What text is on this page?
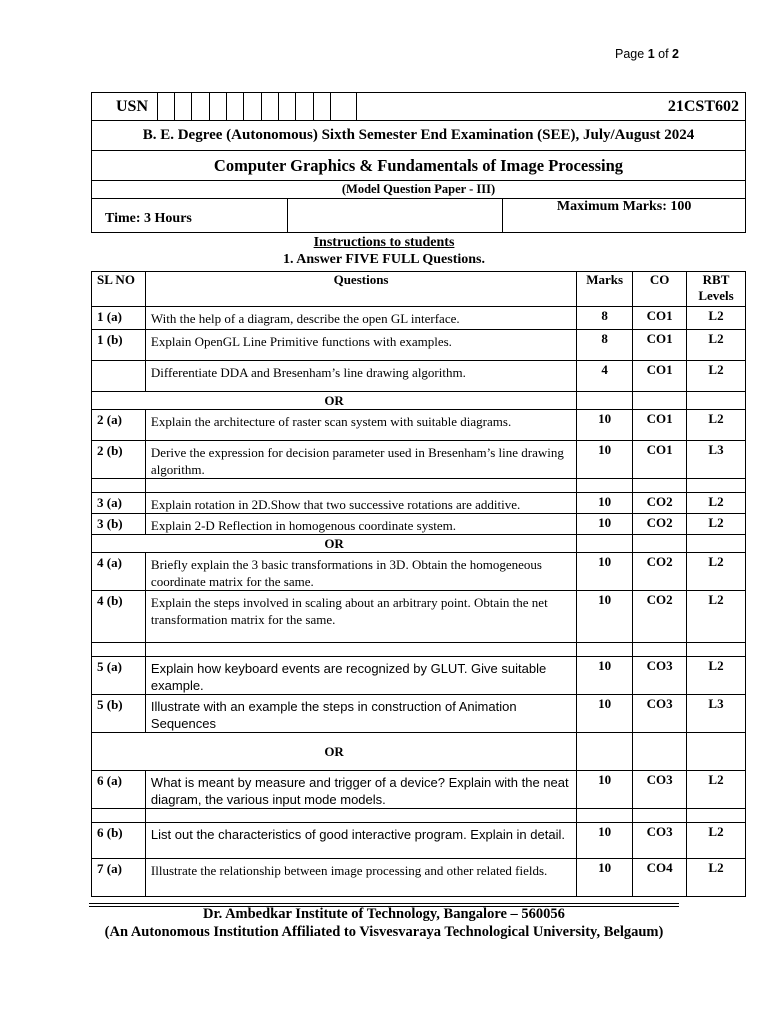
Page 1 of 2
USN												21CST602
B. E. Degree (Autonomous) Sixth Semester End Examination (SEE), July/August 2024
Computer Graphics & Fundamentals of Image Processing
(Model Question Paper - III)
Time: 3 Hours		Maximum Marks: 100
Instructions to students
1. Answer FIVE FULL Questions.
SL NO	Questions	Marks	CO	RBT Levels
1 (a)	With the help of a diagram, describe the open GL interface.	8	CO1	L2
1 (b)	Explain OpenGL Line Primitive functions with examples.	8	CO1	L2
	Differentiate DDA and Bresenham’s line drawing algorithm.	4	CO1	L2
OR				
2 (a)	Explain the architecture of raster scan system with suitable diagrams.	10	CO1	L2
2 (b)	Derive the expression for decision parameter used in Bresenham’s line drawing algorithm.	10	CO1	L3

3 (a)	Explain rotation in 2D.Show that two successive rotations are additive.	10	CO2	L2
3 (b)	Explain 2-D Reflection in homogenous coordinate system.	10	CO2	L2
OR				
4 (a)	Briefly explain the 3 basic transformations in 3D. Obtain the homogeneous coordinate matrix for the same.	10	CO2	L2
4 (b)	Explain the steps involved in scaling about an arbitrary point. Obtain the net transformation matrix for the same.	10	CO2	L2

5 (a)	Explain how keyboard events are recognized by GLUT. Give suitable example.	10	CO3	L2
5 (b)	Illustrate with an example the steps in construction of Animation Sequences	10	CO3	L3
OR				
6 (a)	What is meant by measure and trigger of a device? Explain with the neat diagram, the various input mode models.	10	CO3	L2

6 (b)	List out the characteristics of good interactive program. Explain in detail.	10	CO3	L2
7 (a)	Illustrate the relationship between image processing and other related fields.	10	CO4	L2
Dr. Ambedkar Institute of Technology, Bangalore – 560056
(An Autonomous Institution Affiliated to Visvesvaraya Technological University, Belgaum)
